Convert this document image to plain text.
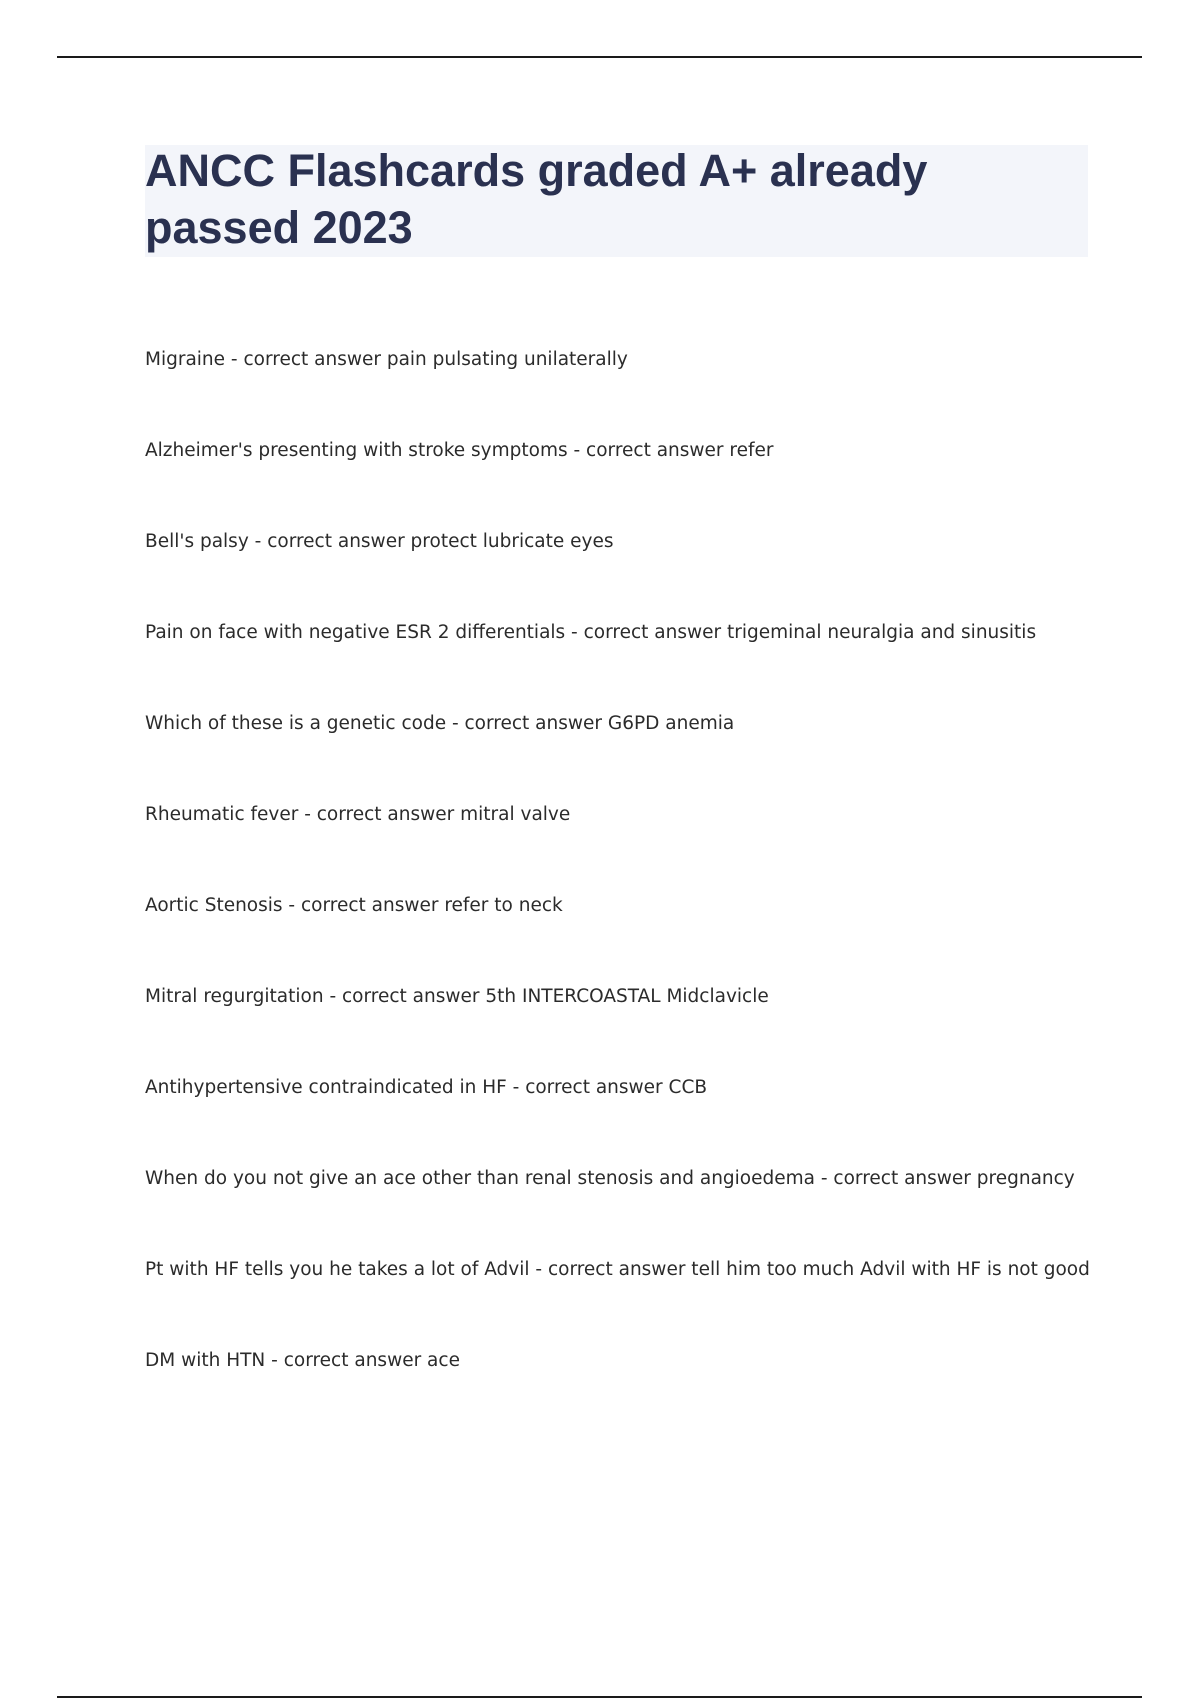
ANCC Flashcards graded A+ already passed 2023
Migraine - correct answer pain pulsating unilaterally
Alzheimer's presenting with stroke symptoms - correct answer refer
Bell's palsy - correct answer protect lubricate eyes
Pain on face with negative ESR 2 differentials - correct answer trigeminal neuralgia and sinusitis
Which of these is a genetic code - correct answer G6PD anemia
Rheumatic fever - correct answer mitral valve
Aortic Stenosis - correct answer refer to neck
Mitral regurgitation - correct answer 5th INTERCOASTAL Midclavicle
Antihypertensive contraindicated in HF - correct answer CCB
When do you not give an ace other than renal stenosis and angioedema - correct answer pregnancy
Pt with HF tells you he takes a lot of Advil - correct answer tell him too much Advil with HF is not good
DM with HTN - correct answer ace
